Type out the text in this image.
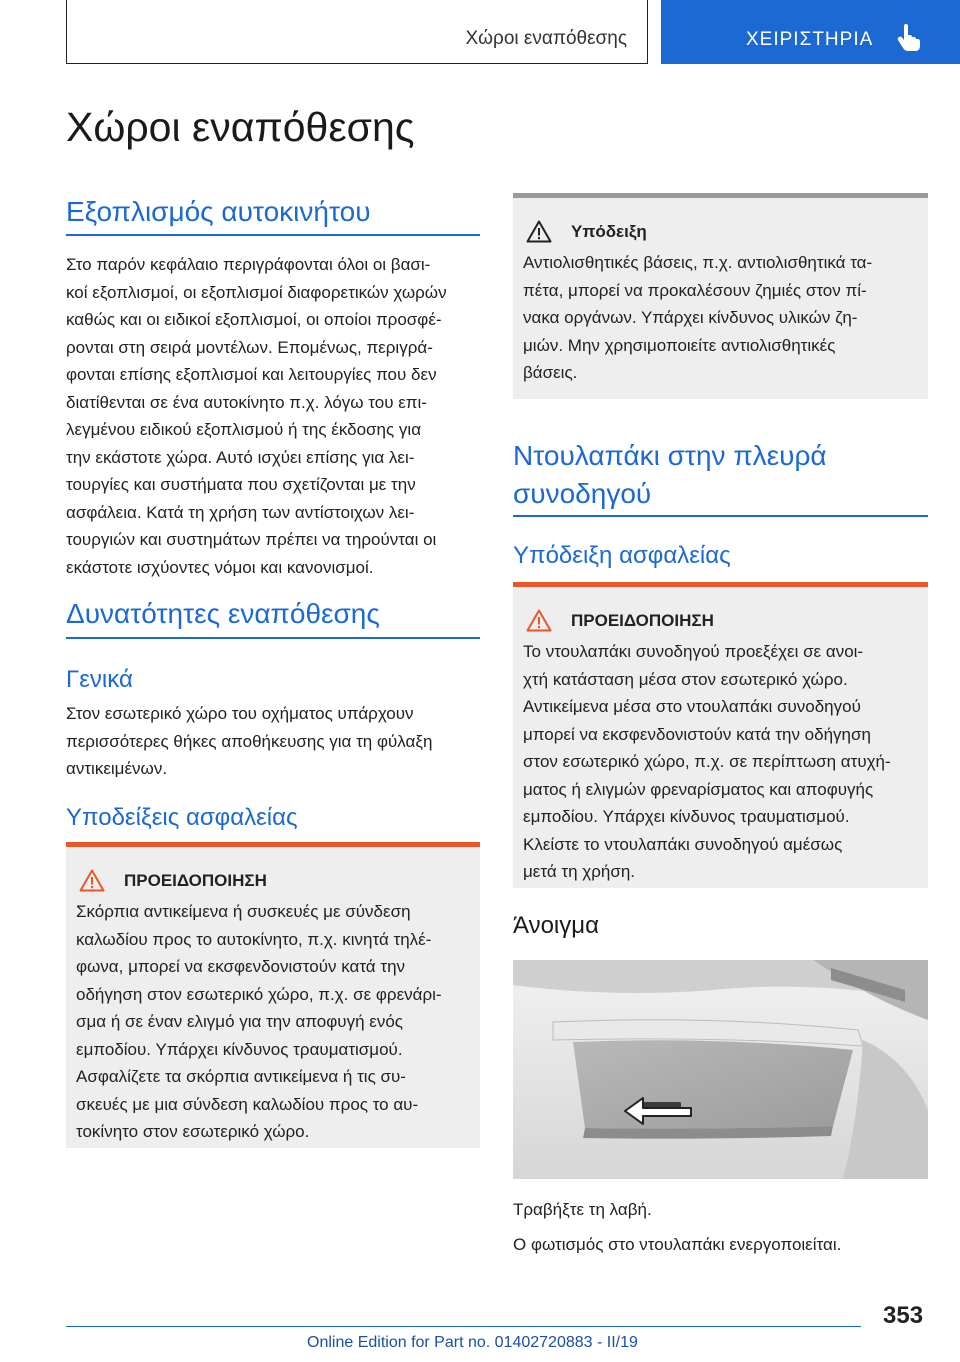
Χώροι εναπόθεσης	ΧΕΙΡΙΣΤΗΡΙΑ
Χώροι εναπόθεσης
Εξοπλισμός αυτοκινήτου
Στο παρόν κεφάλαιο περιγράφονται όλοι οι βασι‐
κοί εξοπλισμοί, οι εξοπλισμοί διαφορετικών χωρών
καθώς και οι ειδικοί εξοπλισμοί, οι οποίοι προσφέ‐
ρονται στη σειρά μοντέλων. Επομένως, περιγρά‐
φονται επίσης εξοπλισμοί και λειτουργίες που δεν
διατίθενται σε ένα αυτοκίνητο π.χ. λόγω του επι‐
λεγμένου ειδικού εξοπλισμού ή της έκδοσης για
την εκάστοτε χώρα. Αυτό ισχύει επίσης για λει‐
τουργίες και συστήματα που σχετίζονται με την
ασφάλεια. Κατά τη χρήση των αντίστοιχων λει‐
τουργιών και συστημάτων πρέπει να τηρούνται οι
εκάστοτε ισχύοντες νόμοι και κανονισμοί.
Δυνατότητες εναπόθεσης
Γενικά
Στον εσωτερικό χώρο του οχήματος υπάρχουν
περισσότερες θήκες αποθήκευσης για τη φύλαξη
αντικειμένων.
Υποδείξεις ασφαλείας
ΠΡΟΕΙΔΟΠΟΙΗΣΗ
Σκόρπια αντικείμενα ή συσκευές με σύνδεση
καλωδίου προς το αυτοκίνητο, π.χ. κινητά τηλέ‐
φωνα, μπορεί να εκσφενδονιστούν κατά την
οδήγηση στον εσωτερικό χώρο, π.χ. σε φρενάρι‐
σμα ή σε έναν ελιγμό για την αποφυγή ενός
εμποδίου. Υπάρχει κίνδυνος τραυματισμού.
Ασφαλίζετε τα σκόρπια αντικείμενα ή τις συ‐
σκευές με μια σύνδεση καλωδίου προς το αυ‐
τοκίνητο στον εσωτερικό χώρο.
Υπόδειξη
Αντιολισθητικές βάσεις, π.χ. αντιολισθητικά τα‐
πέτα, μπορεί να προκαλέσουν ζημιές στον πί‐
νακα οργάνων. Υπάρχει κίνδυνος υλικών ζη‐
μιών. Μην χρησιμοποιείτε αντιολισθητικές
βάσεις.
Ντουλαπάκι στην πλευρά
συνοδηγού
Υπόδειξη ασφαλείας
ΠΡΟΕΙΔΟΠΟΙΗΣΗ
Το ντουλαπάκι συνοδηγού προεξέχει σε ανοι‐
χτή κατάσταση μέσα στον εσωτερικό χώρο.
Αντικείμενα μέσα στο ντουλαπάκι συνοδηγού
μπορεί να εκσφενδονιστούν κατά την οδήγηση
στον εσωτερικό χώρο, π.χ. σε περίπτωση ατυχή‐
ματος ή ελιγμών φρεναρίσματος και αποφυγής
εμποδίου. Υπάρχει κίνδυνος τραυματισμού.
Κλείστε το ντουλαπάκι συνοδηγού αμέσως
μετά τη χρήση.
Άνοιγμα
Τραβήξτε τη λαβή.
Ο φωτισμός στο ντουλαπάκι ενεργοποιείται.
353
Online Edition for Part no. 01402720883 - II/19
